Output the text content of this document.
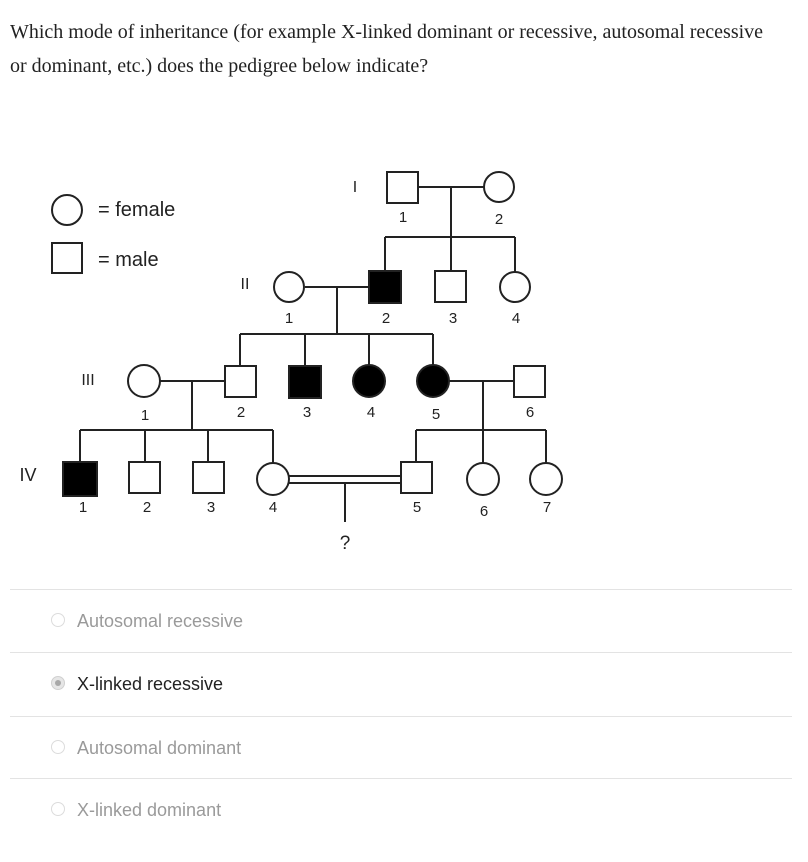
Which mode of inheritance (for example X-linked dominant or recessive, autosomal recessive or dominant, etc.) does the pedigree below indicate?

= female
= male
I
II
III
IV
1	2
1	2	3	4
1	2	3	4	5	6
1	2	3	4	5	6	7
?
Autosomal recessive
X-linked recessive
Autosomal dominant
X-linked dominant
